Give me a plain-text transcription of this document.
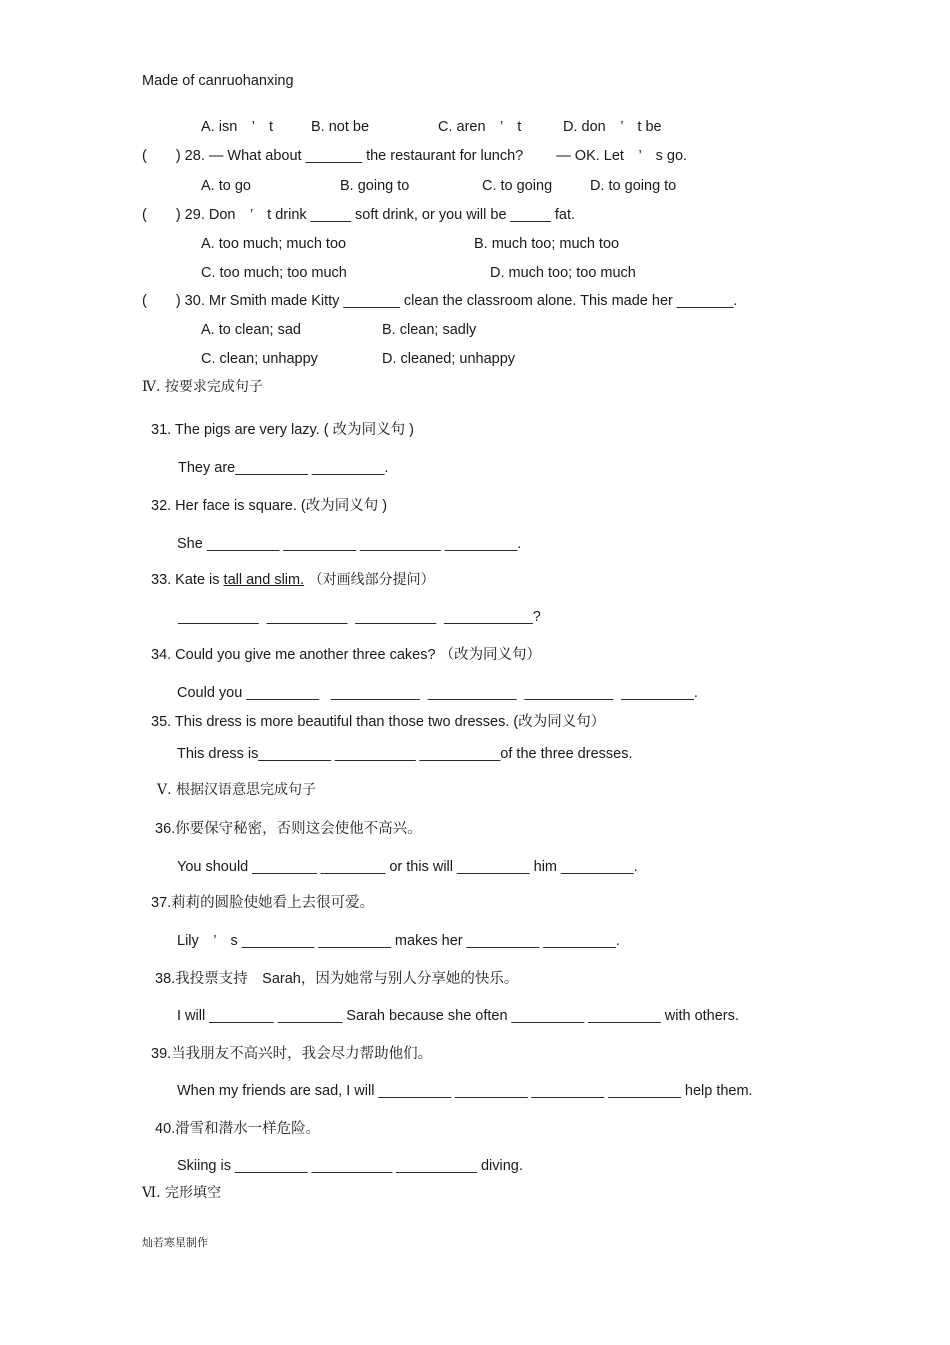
Made of canruohanxing
A. isn　’　t	B. not be	C. aren　’　t	D. don　’　t be
(　　) 28. — What about _______ the restaurant for lunch?　　 — OK. Let　’　s go.
A. to go	B. going to	C. to going	D. to going to
(　　) 29. Don　’　t drink _____ soft drink, or you will be _____ fat.
A. too much; much too	B. much too; much too
C. too much; too much	D. much too; too much
(　　) 30. Mr Smith made Kitty _______ clean the classroom alone. This made her _______.
A. to clean; sad	B. clean; sadly
C. clean; unhappy	D. cleaned; unhappy
Ⅳ. 按要求完成句子
31. The pigs are very lazy. ( 改为同义句 )
They are_________ _________.
32. Her face is square. (改为同义句 )
She _________ _________ __________ _________.
33. Kate is tall and slim. （对画线部分提问）
__________  __________  __________  ___________?
34. Could you give me another three cakes? （改为同义句）
Could you _________   ___________  ___________  ___________  _________.
35. This dress is more beautiful than those two dresses. (改为同义句）
This dress is_________ __________ __________of the three dresses.
Ⅴ. 根据汉语意思完成句子
36.你要保守秘密，否则这会使他不高兴。
You should ________ ________ or this will _________ him _________.
37.莉莉的圆脸使她看上去很可爱。
Lily　’　s _________ _________ makes her _________ _________.
38.我投票支持　Sarah，因为她常与别人分享她的快乐。
I will ________ ________ Sarah because she often _________ _________ with others.
39.当我朋友不高兴时，我会尽力帮助他们。
When my friends are sad, I will _________ _________ _________ _________ help them.
40.滑雪和潜水一样危险。
Skiing is _________ __________ __________ diving.
Ⅵ. 完形填空
灿若寒星制作
